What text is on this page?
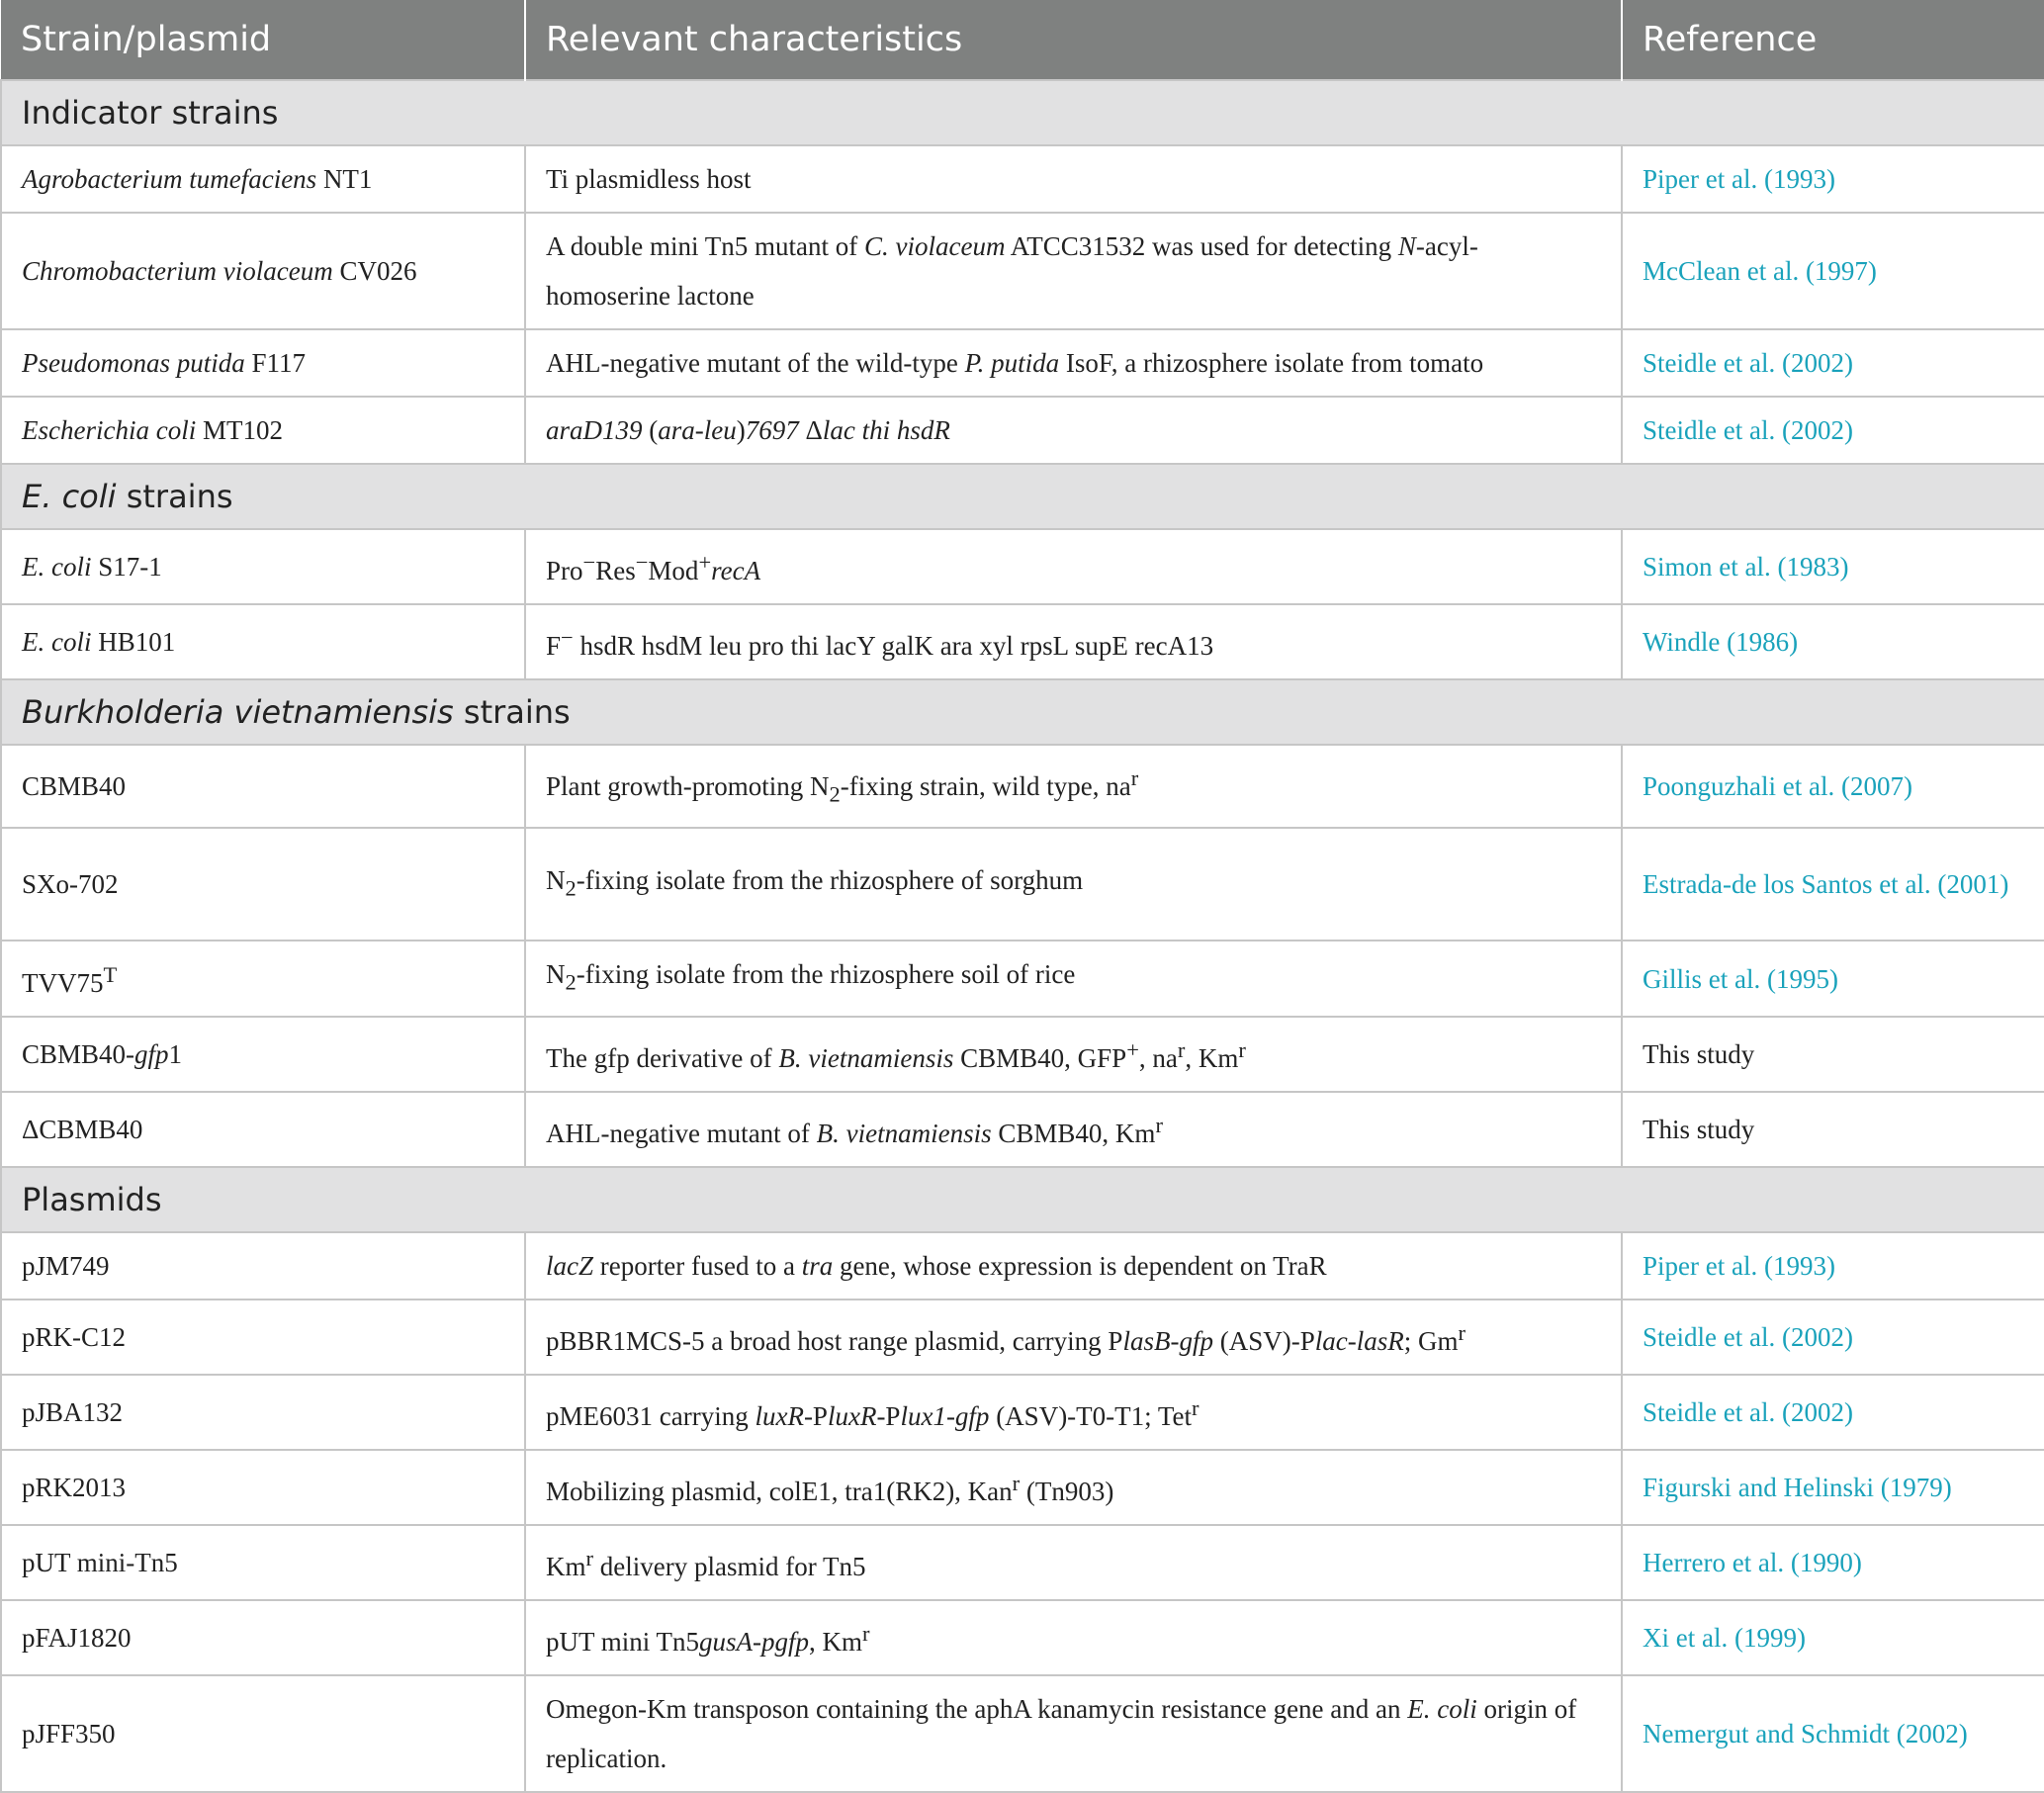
Strain/plasmid	Relevant characteristics	Reference
Indicator strains		
Agrobacterium tumefaciens NT1	Ti plasmidless host	Piper et al. (1993)
Chromobacterium violaceum CV026	A double mini Tn5 mutant of C. violaceum ATCC31532 was used for detecting N-acyl-homoserine lactone	McClean et al. (1997)
Pseudomonas putida F117	AHL-negative mutant of the wild-type P. putida IsoF, a rhizosphere isolate from tomato	Steidle et al. (2002)
Escherichia coli MT102	araD139 (ara-leu)7697 Δlac thi hsdR	Steidle et al. (2002)
E. coli strains		
E. coli S17-1	Pro−Res−Mod+recA	Simon et al. (1983)
E. coli HB101	F− hsdR hsdM leu pro thi lacY galK ara xyl rpsL supE recA13	Windle (1986)
Burkholderia vietnamiensis strains		
CBMB40	Plant growth-promoting $N_2$-fixing strain, wild type, $na^r$	Poonguzhali et al. (2007)
SXo-702	$N_2$-fixing isolate from the rhizosphere of sorghum	Estrada-de los Santos et al. (2001)
$TVV75^T$	$N_2$-fixing isolate from the rhizosphere soil of rice	Gillis et al. (1995)
CBMB40-gfp1	The gfp derivative of B. vietnamiensis CBMB40, GFP+, $na^r$, Km$^r$	This study
ΔCBMB40	AHL-negative mutant of B. vietnamiensis CBMB40, Km$^r$	This study
Plasmids		
pJM749	lacZ reporter fused to a tra gene, whose expression is dependent on TraR	Piper et al. (1993)
pRK-C12	pBBR1MCS-5 a broad host range plasmid, carrying PlasB-gfp (ASV)-Plac-lasR; Gm$^r$	Steidle et al. (2002)
pJBA132	pME6031 carrying luxR-PluxR-Plux1-gfp (ASV)-T0-T1; Tet$^r$	Steidle et al. (2002)
pRK2013	Mobilizing plasmid, colE1, tra1(RK2), Kan$^r$ (Tn903)	Figurski and Helinski (1979)
pUT mini-Tn5	Km$^r$ delivery plasmid for Tn5	Herrero et al. (1990)
pFAJ1820	pUT mini Tn5gusA-pgfp, Km$^r$	Xi et al. (1999)
pJFF350	Omegon-Km transposon containing the aphA kanamycin resistance gene and an E. coli origin of replication.	Nemergut and Schmidt (2002)
